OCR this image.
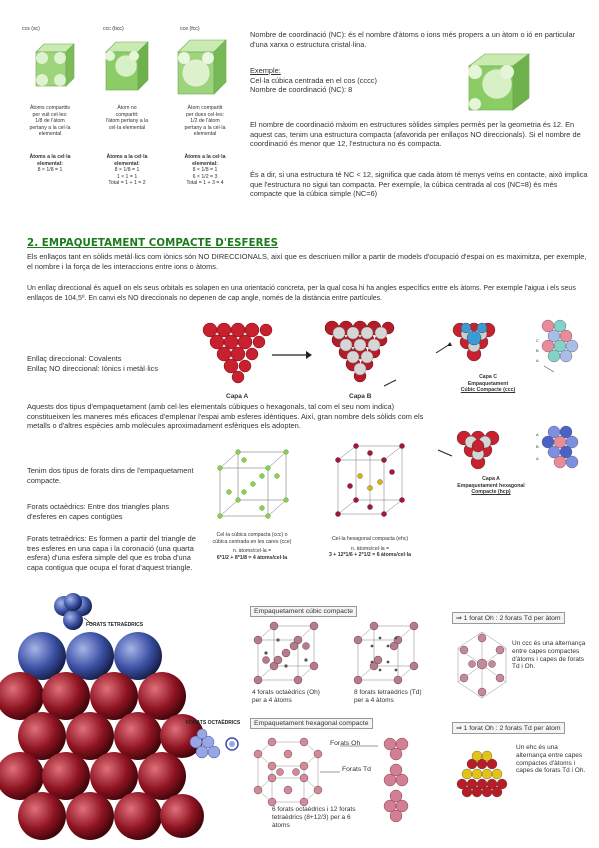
ccs (sc)
Àtoms compartits
per vuit cel·les:
1/8 de l'àtom
pertany a la cel·la
elemental
Àtoms a la cel·la
elemental:
8 × 1/8 = 1
ccc (bcc)
Àtom no
compartit:
l'àtom pertany a la
cel·la elemental
Àtoms a la cel·la
elemental:
8 × 1/8 = 1
1 × 1 = 1
Total = 1 + 1 = 2
cce (fcc)
Àtom compartit
per dues cel·les:
1/2 de l'àtom
pertany a la cel·la
elemental
Àtoms a la cel·la
elemental:
8 × 1/8 = 1
6 × 1/2 = 3
Total = 1 + 3 = 4
Nombre de coordinació (NC): és el nombre d'àtoms o ions més propers a un àtom o ió en particular d'una xarxa o estructura cristal·lina.
Exemple:
Cel·la cúbica centrada en el cos (cccc)
Nombre de coordinació (NC): 8
El nombre de coordinació màxim en estructures sòlides simples permès per la geometria és 12. En aquest cas, tenim una estructura compacta (afavorida per enllaços NO direccionals). Si el nombre de coordinació és menor que 12, l'estructura no és compacta.
És a dir, si una estructura té NC < 12, significa que cada àtom té menys veïns en contacte, això implica que l'estructura no sigui tan compacta. Per exemple, la cúbica centrada al cos (NC=8) és més compacte que la cúbica simple (NC=6)
2. EMPAQUETAMENT COMPACTE D'ESFERES
Els enllaços tant en sòlids metàl·lics com iònics són NO DIRECCIONALS, així que es descriuen millor a partir de models d'ocupació d'espai on es maximitza, per exemple, el nombre i la força de les interaccions entre ions o àtoms.
Un enllaç direccional és aquell on els seus orbitals es solapen en una orientació concreta, per la qual cosa hi ha angles específics entre els àtoms. Per exemple l'aigua i els seus enllaços de 104,5º. En canvi els NO direccionals no depenen de cap angle, només de la distància entre partícules.
Enllaç direccional: Covalents
Enllaç NO direccional: Iònics i metàl·lics
Capa A	Capa B
A
B
C
Capa C
Empaquetament
Cúbic Compacte (ccc)
A
B
A
Capa A
Empaquetament hexagonal
Compacte (hcp)
Aquests dos tipus d'empaquetament (amb cel·les elementals cúbiques o hexagonals, tal com el seu nom indica) constitueixen les maneres més eficaces d'emplenar l'espai amb esferes idèntiques. Així, gran nombre dels sòlids com els metalls o d'altres espècies amb molècules aproximadament esfèriques els adopten.
Tenim dos tipus de forats dins de l'empaquetament compacte.
Forats octaèdrics: Entre dos triangles plans d'esferes en capes contigües
Forats tetraèdrics: Es formen a partir del triangle de tres esferes en una capa i la coronació (una quarta esfera) d'una esfera simple del que es troba d'una capa contigua que ocupa el forat d'aquest triangle.
Cel·la cúbica compacta (ccc) o
cúbica centrada en les cares (cce)
n. àtoms/cel·la =
6*1/2 + 8*1/8 = 4 àtoms/cel·la
Cel·la hexagonal compacta (ehc)
n. àtoms/cel·la =
3 + 12*1/6 + 2*1/2 = 6 àtoms/cel·la
FORATS TETRAÈDRICS
FORATS OCTAÈDRICS
Empaquetament cúbic compacte
4 forats octaèdrics (Oh) per a 4 àtoms
8 forats tetraèdrics (Td) per a 4 àtoms
⇒ 1 forat Oh : 2 forats Td per àtom
Un ccc és una alternança entre capes compactes d'àtoms i capes de forats Td i Oh.
Empaquetament hexagonal compacte
Forats Oh
Forats Td
6 forats octaèdrics i 12 forats tetraèdrics (8+12/3) per a 6 àtoms
⇒ 1 forat Oh : 2 forats Td per àtom
Un ehc és una alternança entre capes compactes d'àtoms i capes de forats Td i Oh.
